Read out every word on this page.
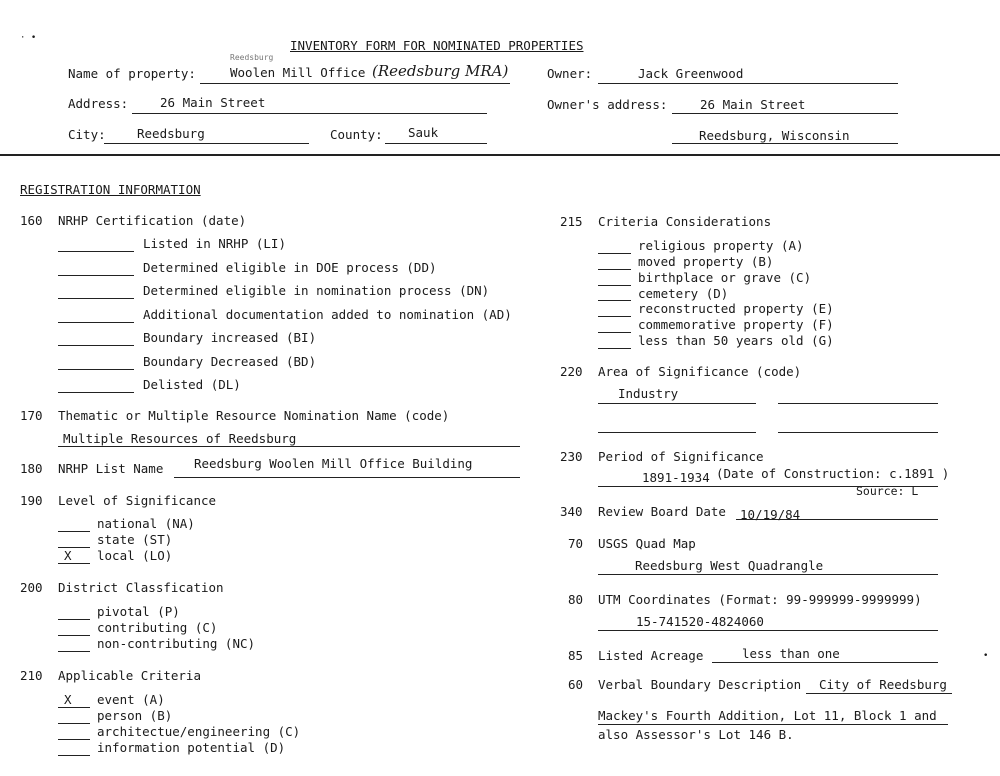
· •
•
INVENTORY FORM FOR NOMINATED PROPERTIES
Name of property:
Reedsburg
Woolen Mill Office (Reedsburg MRA)	Owner:	Jack Greenwood
Address:	26 Main Street	Owner's address:	26 Main Street
City:	Reedsburg	County: Sauk	Reedsburg, Wisconsin
REGISTRATION INFORMATION
160 NRHP Certification (date)
Listed in NRHP (LI)
Determined eligible in DOE process (DD)
Determined eligible in nomination process (DN)
Additional documentation added to nomination (AD)
Boundary increased (BI)
Boundary Decreased (BD)
Delisted (DL)
170 Thematic or Multiple Resource Nomination Name (code)
Multiple Resources of Reedsburg
180 NRHP List Name Reedsburg Woolen Mill Office Building
190 Level of Significance
national (NA)
state (ST)
X local (LO)
200 District Classfication
pivotal (P)
contributing (C)
non-contributing (NC)
210 Applicable Criteria
X event (A)
person (B)
architectue/engineering (C)
information potential (D)
215 Criteria Considerations
religious property (A)
moved property (B)
birthplace or grave (C)
cemetery (D)
reconstructed property (E)
commemorative property (F)
less than 50 years old (G)
220 Area of Significance (code)
Industry
230 Period of Significance
1891-1934 (Date of Construction: c.1891 )
Source: L
340 Review Board Date 10/19/84
70 USGS Quad Map
Reedsburg West Quadrangle
80 UTM Coordinates (Format: 99-999999-9999999)
15-741520-4824060
85 Listed Acreage	less than one
60 Verbal Boundary Description City of Reedsburg
Mackey's Fourth Addition, Lot 11, Block 1 and
also Assessor's Lot 146 B.
